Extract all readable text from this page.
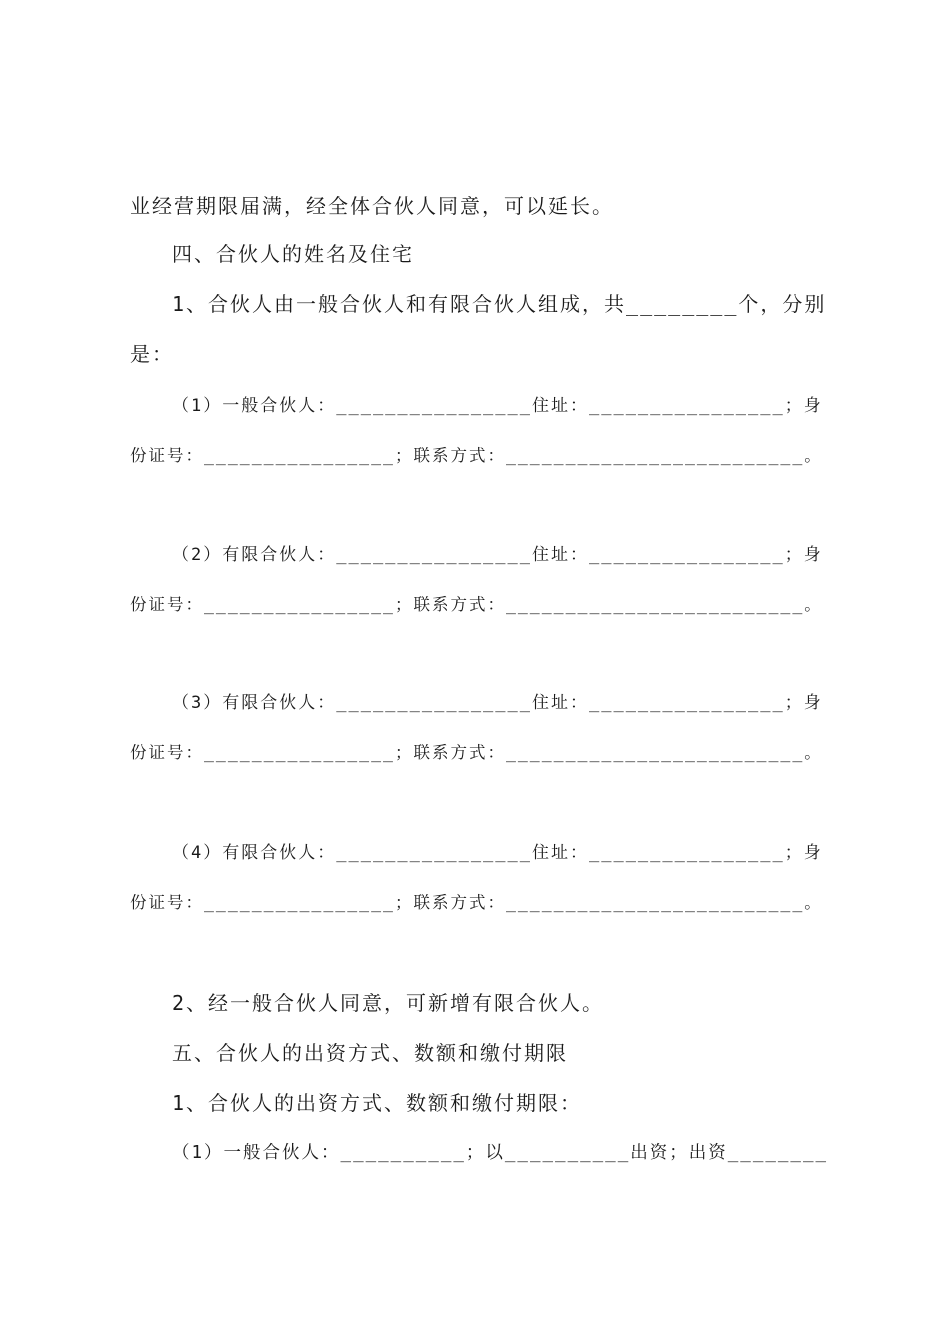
业经营期限届满，经全体合伙人同意，可以延长。
四、合伙人的姓名及住宅
1、合伙人由一般合伙人和有限合伙人组成，共________个，分别
是：
（1）一般合伙人：________________住址：________________；身
份证号：________________；联系方式：_________________________。
（2）有限合伙人：________________住址：________________；身
份证号：________________；联系方式：_________________________。
（3）有限合伙人：________________住址：________________；身
份证号：________________；联系方式：_________________________。
（4）有限合伙人：________________住址：________________；身
份证号：________________；联系方式：_________________________。
2、经一般合伙人同意，可新增有限合伙人。
五、合伙人的出资方式、数额和缴付期限
1、合伙人的出资方式、数额和缴付期限：
（1）一般合伙人：__________；以__________出资；出资________
